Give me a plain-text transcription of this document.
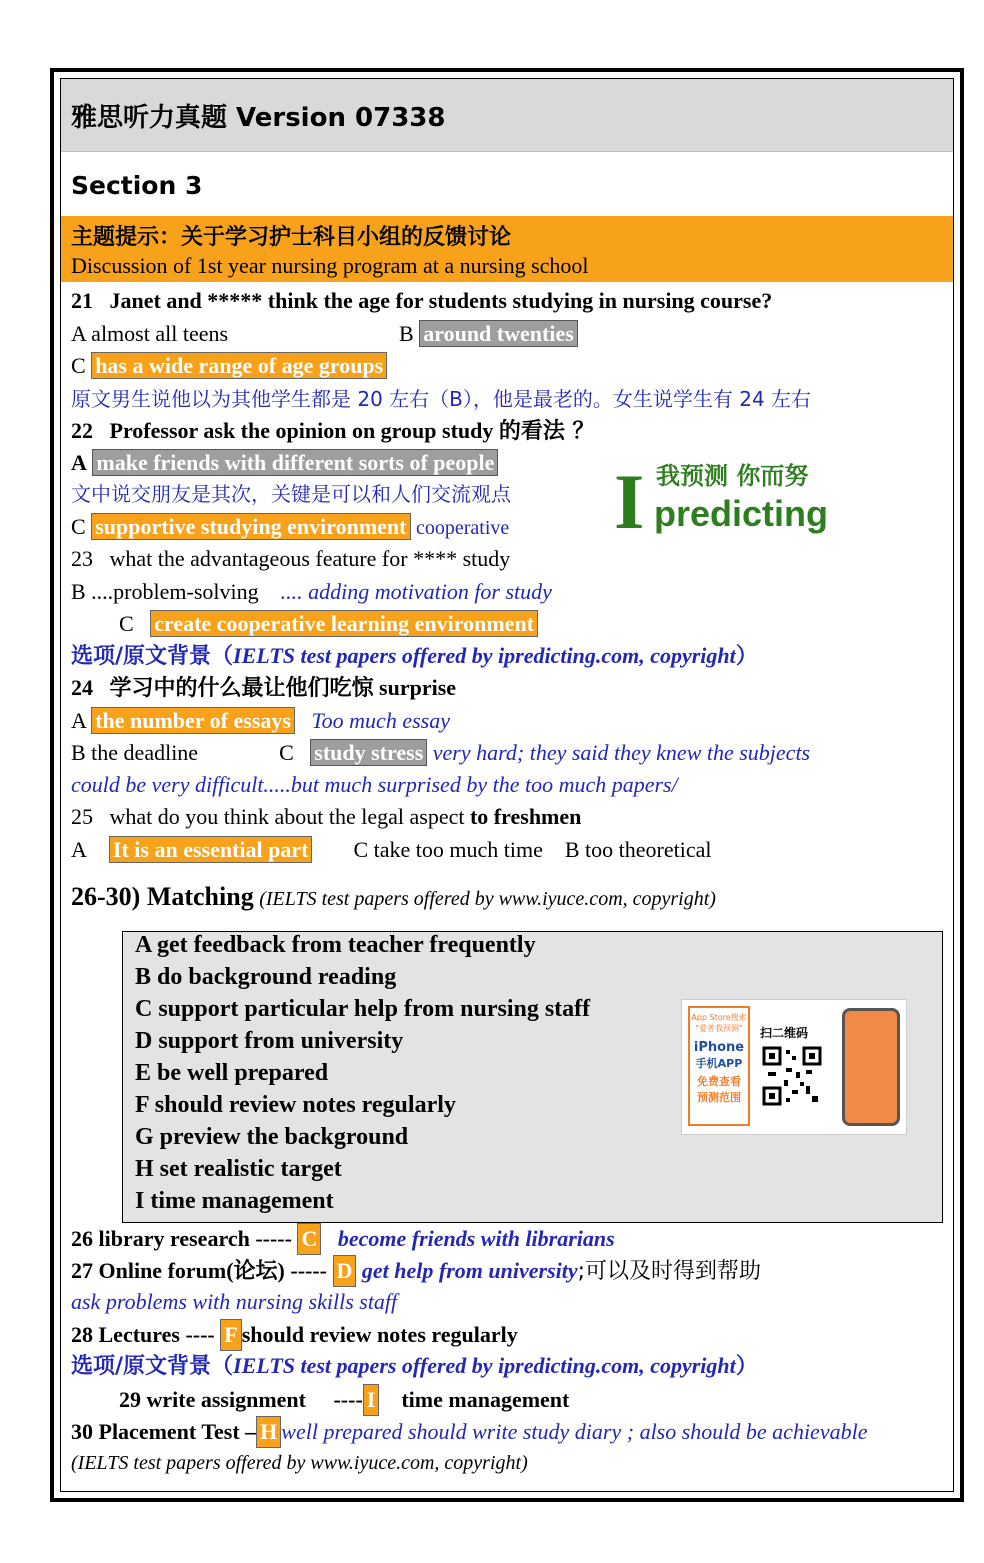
雅思听力真题 Version 07338
Section 3
主题提示：关于学习护士科目小组的反馈讨论
Discussion of 1st year nursing program at a nursing school
21 Janet and ***** think the age for students studying in nursing course?
A almost all teens	B around twenties
C has a wide range of age groups
原文男生说他以为其他学生都是 20 左右（B），他是最老的。女生说学生有 24 左右
22 Professor ask the opinion on group study 的看法 ？
A make friends with different sorts of people
文中说交朋友是其次，关键是可以和人们交流观点
C supportive studying environment cooperative I 我预测 你而努
predicting
23 what the advantageous feature for **** study
B ....problem-solving .... adding motivation for study
C create cooperative learning environment
选项/原文背景（IELTS test papers offered by ipredicting.com, copyright）
24 学习中的什么最让他们吃惊 surprise
A the number of essays Too much essay
B the deadline	C study stress very hard; they said they knew the subjects
could be very difficult.....but much surprised by the too much papers/
25 what do you think about the legal aspect to freshmen
A It is an essential part C take too much time B too theoretical
26-30) Matching (IELTS test papers offered by www.iyuce.com, copyright)
A get feedback from teacher frequently
B do background reading
C support particular help from nursing staff
D support from university
E be well prepared
F should review notes regularly
G preview the background
H set realistic target
I time management
App Store搜索
"爱普我预测"
iPhone
手机APP
免费查看
预测范围
扫二维码
26 library research ----- C become friends with librarians
27 Online forum(论坛) ----- D get help from university;可以及时得到帮助
ask problems with nursing skills staff
28 Lectures ---- F should review notes regularly
选项/原文背景（IELTS test papers offered by ipredicting.com, copyright）
29 write assignment ---- I time management
30 Placement Test – H well prepared should write study diary ; also should be achievable
(IELTS test papers offered by www.iyuce.com, copyright)
